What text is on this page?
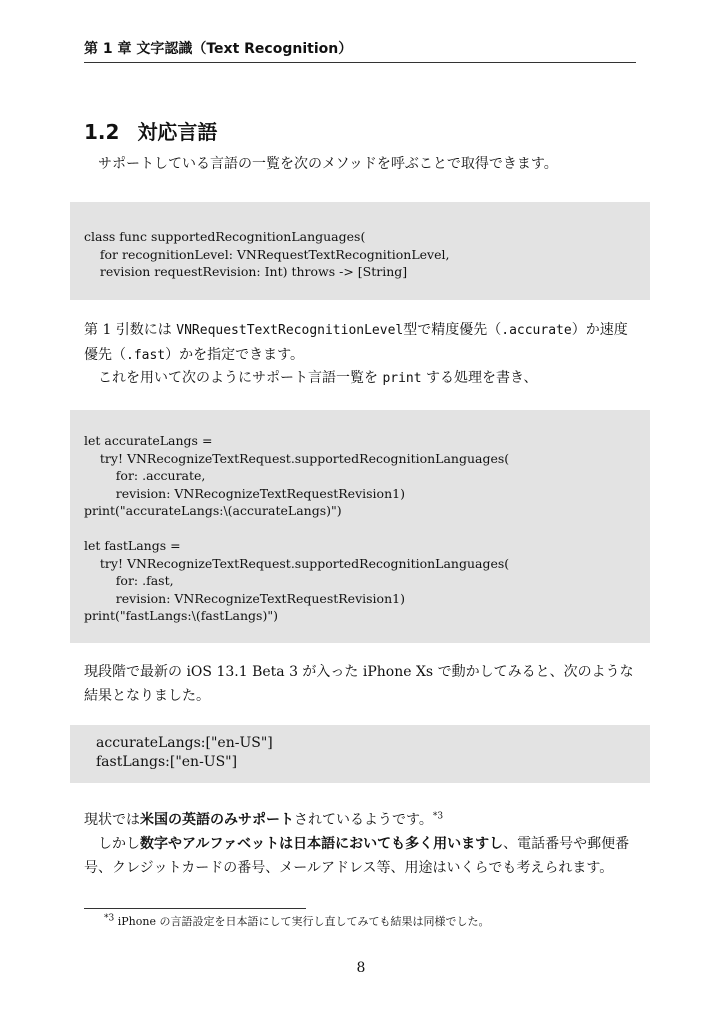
第 1 章 文字認識（Text Recognition）
1.2 対応言語

サポートしている言語の一覧を次のメソッドを呼ぶことで取得できます。

class func supportedRecognitionLanguages(
for recognitionLevel: VNRequestTextRecognitionLevel,
revision requestRevision: Int) throws -> [String]

第 1 引数には VNRequestTextRecognitionLevel型で精度優先（.accurate）か速度優先（.fast）かを指定できます。

これを用いて次のようにサポート言語一覧を print する処理を書き、

let accurateLangs =
try! VNRecognizeTextRequest.supportedRecognitionLanguages(
for: .accurate,
revision: VNRecognizeTextRequestRevision1)
print("accurateLangs:\(accurateLangs)")

let fastLangs =
try! VNRecognizeTextRequest.supportedRecognitionLanguages(
for: .fast,
revision: VNRecognizeTextRequestRevision1)
print("fastLangs:\(fastLangs)")

現段階で最新の iOS 13.1 Beta 3 が入った iPhone Xs で動かしてみると、次のような結果となりました。

accurateLangs:["en-US"]
fastLangs:["en-US"]

現状では米国の英語のみサポートされているようです。$^{*3}$

しかし数字やアルファベットは日本語においても多く用いますし、電話番号や郵便番号、クレジットカードの番号、メールアドレス等、用途はいくらでも考えられます。

$^{*3}$ iPhone の言語設定を日本語にして実行し直してみても結果は同様でした。
8
